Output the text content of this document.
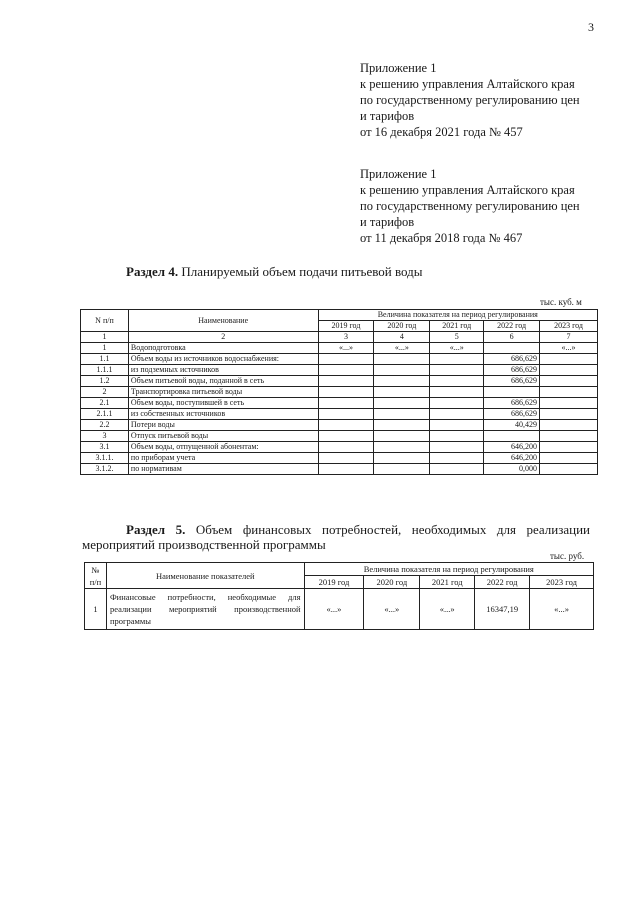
3
Приложение 1
к решению управления Алтайского края
по государственному регулированию цен
и тарифов
от 16 декабря 2021 года № 457
Приложение 1
к решению управления Алтайского края
по государственному регулированию цен
и тарифов
от 11 декабря 2018 года № 467
Раздел 4. Планируемый объем подачи питьевой воды
тыс. куб. м
N п/п	Наименование	Величина показателя на период регулирования				
		2019 год	2020 год	2021 год	2022 год	2023 год
1	2	3	4	5	6	7
1	Водоподготовка	«...»	«...»	«...»		«...»
1.1	Объем воды из источников водоснабжения:				686,629	
1.1.1	из подземных источников				686,629	
1.2	Объем питьевой воды, поданной в сеть				686,629	
2	Транспортировка питьевой воды					
2.1	Объем воды, поступившей в сеть				686,629	
2.1.1	из собственных источников				686,629	
2.2	Потери воды				40,429	
3	Отпуск питьевой воды					
3.1	Объем воды, отпущенной абонентам:				646,200	
3.1.1.	по приборам учета				646,200	
3.1.2.	по нормативам				0,000	
Раздел 5. Объем финансовых потребностей, необходимых для реализации мероприятий производственной программы
тыс. руб.
№ п/п	Наименование показателей	Величина показателя на период регулирования				
		2019 год	2020 год	2021 год	2022 год	2023 год
1	Финансовые потребности, необходимые для реализации мероприятий производственной программы	«...»	«...»	«...»	16347,19	«...»
